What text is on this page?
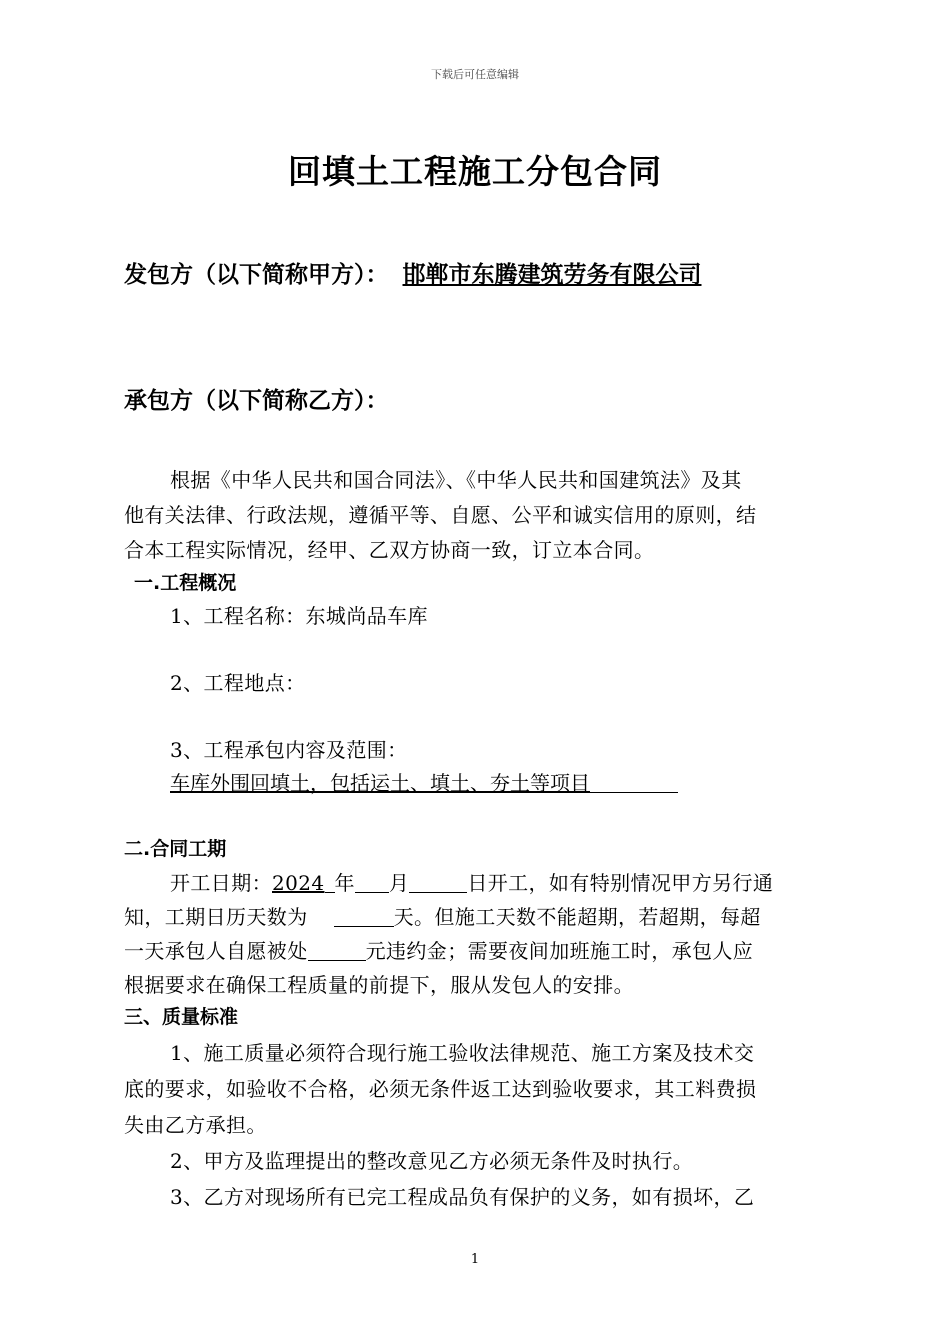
下载后可任意编辑
回填土工程施工分包合同
发包方（以下简称甲方）： 邯郸市东腾建筑劳务有限公司
承包方（以下简称乙方）：
根据《中华人民共和国合同法》、《中华人民共和国建筑法》及其
他有关法律、行政法规，遵循平等、自愿、公平和诚实信用的原则，结
合本工程实际情况，经甲、乙双方协商一致，订立本合同。
一.工程概况
1、工程名称：东城尚品车库
2、工程地点：
3、工程承包内容及范围：
车库外围回填土，包括运土、填土、夯土等项目
二.合同工期
开工日期：2024 年 月	日开工，如有特别情况甲方另行通
知，工期日历天数为	天。但施工天数不能超期，若超期，每超
一天承包人自愿被处	元违约金；需要夜间加班施工时，承包人应
根据要求在确保工程质量的前提下，服从发包人的安排。
三、质量标准
1、施工质量必须符合现行施工验收法律规范、施工方案及技术交
底的要求，如验收不合格，必须无条件返工达到验收要求，其工料费损
失由乙方承担。
2、甲方及监理提出的整改意见乙方必须无条件及时执行。
3、乙方对现场所有已完工程成品负有保护的义务，如有损坏，乙
1
